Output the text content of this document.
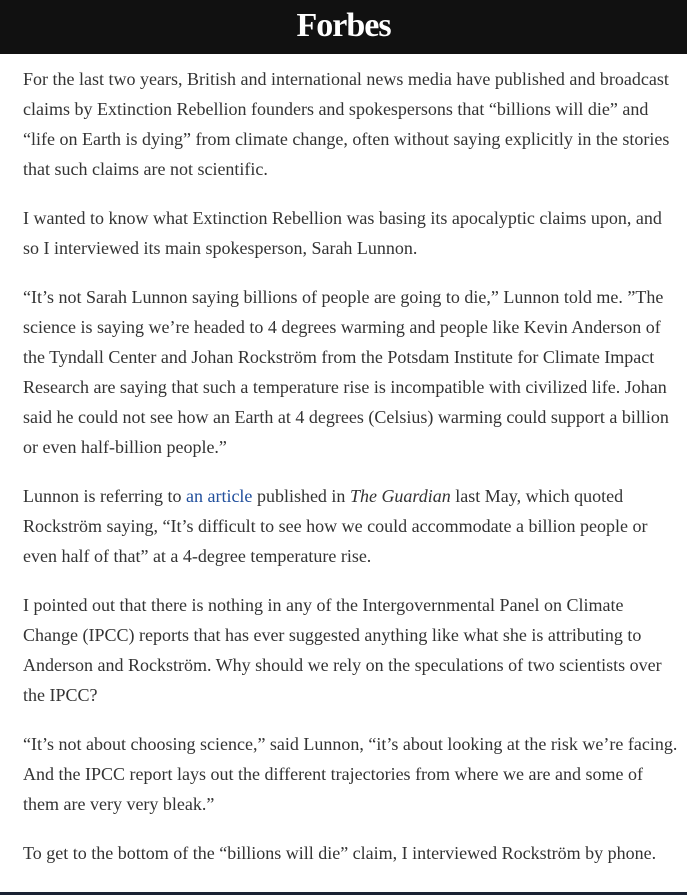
Forbes

For the last two years, British and international news media have published and broadcast claims by Extinction Rebellion founders and spokespersons that “billions will die” and “life on Earth is dying” from climate change, often without saying explicitly in the stories that such claims are not scientific.

I wanted to know what Extinction Rebellion was basing its apocalyptic claims upon, and so I interviewed its main spokesperson, Sarah Lunnon.

“It’s not Sarah Lunnon saying billions of people are going to die,” Lunnon told me. ”The science is saying we’re headed to 4 degrees warming and people like Kevin Anderson of the Tyndall Center and Johan Rockström from the Potsdam Institute for Climate Impact Research are saying that such a temperature rise is incompatible with civilized life. Johan said he could not see how an Earth at 4 degrees (Celsius) warming could support a billion or even half-billion people.”

Lunnon is referring to an article published in The Guardian last May, which quoted Rockström saying, “It’s difficult to see how we could accommodate a billion people or even half of that” at a 4-degree temperature rise.

I pointed out that there is nothing in any of the Intergovernmental Panel on Climate Change (IPCC) reports that has ever suggested anything like what she is attributing to Anderson and Rockström. Why should we rely on the speculations of two scientists over the IPCC?

“It’s not about choosing science,” said Lunnon, “it’s about looking at the risk we’re facing. And the IPCC report lays out the different trajectories from where we are and some of them are very very bleak.”

To get to the bottom of the “billions will die” claim, I interviewed Rockström by phone.
